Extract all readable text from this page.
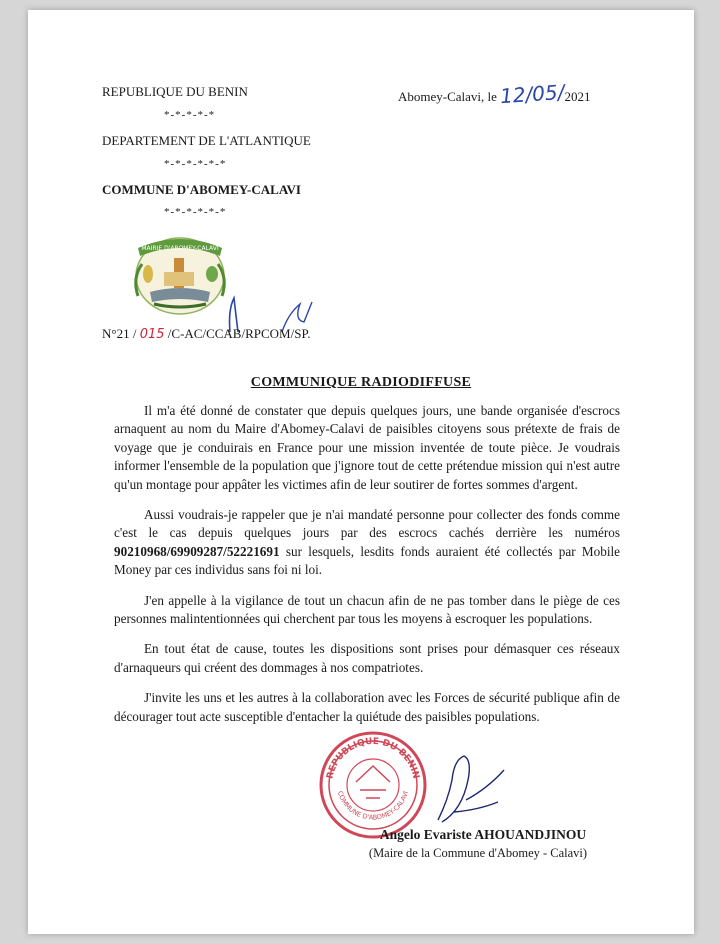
REPUBLIQUE DU BENIN
*-*-*-*-*
DEPARTEMENT DE L'ATLANTIQUE
*-*-*-*-*-*
COMMUNE D'ABOMEY-CALAVI
*-*-*-*-*-*
Abomey-Calavi, le 12/05/2021
MAIRIE D'ABOMEY-CALAVI
N°21 / 015 /C-AC/CCAB/RPCOM/SP.
COMMUNIQUE RADIODIFFUSE

Il m'a été donné de constater que depuis quelques jours, une bande organisée d'escrocs arnaquent au nom du Maire d'Abomey-Calavi de paisibles citoyens sous prétexte de frais de voyage que je conduirais en France pour une mission inventée de toute pièce. Je voudrais informer l'ensemble de la population que j'ignore tout de cette prétendue mission qui n'est autre qu'un montage pour appâter les victimes afin de leur soutirer de fortes sommes d'argent.

Aussi voudrais-je rappeler que je n'ai mandaté personne pour collecter des fonds comme c'est le cas depuis quelques jours par des escrocs cachés derrière les numéros 90210968/69909287/52221691 sur lesquels, lesdits fonds auraient été collectés par Mobile Money par ces individus sans foi ni loi.

J'en appelle à la vigilance de tout un chacun afin de ne pas tomber dans le piège de ces personnes malintentionnées qui cherchent par tous les moyens à escroquer les populations.

En tout état de cause, toutes les dispositions sont prises pour démasquer ces réseaux d'arnaqueurs qui créent des dommages à nos compatriotes.

J'invite les uns et les autres à la collaboration avec les Forces de sécurité publique afin de décourager tout acte susceptible d'entacher la quiétude des paisibles populations.

REPUBLIQUE DU BENIN
COMMUNE D'ABOMEY-CALAVI
Angelo Evariste AHOUANDJINOU
(Maire de la Commune d'Abomey - Calavi)
